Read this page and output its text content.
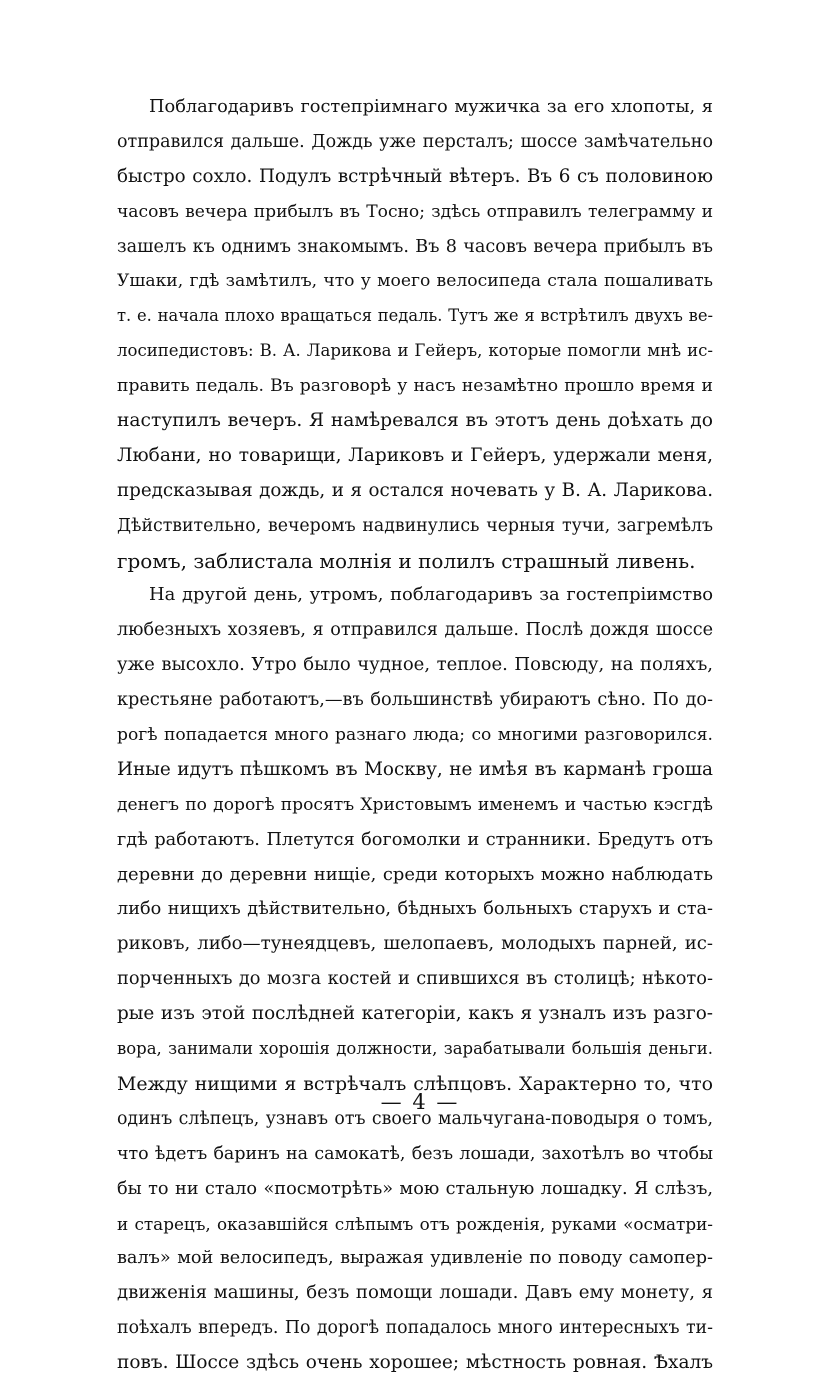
Поблагодаривъ гостепріимнаго мужичка за его хлопоты, я
отправился дальше. Дождь уже персталъ; шоссе замѣчательно
быстро сохло. Подулъ встрѣчный вѣтеръ. Въ 6 съ половиною
часовъ вечера прибылъ въ Тосно; здѣсь отправилъ телеграмму и
зашелъ къ однимъ знакомымъ. Въ 8 часовъ вечера прибылъ въ
Ушаки, гдѣ замѣтилъ, что у моего велосипеда стала пошаливать
т. е. начала плохо вращаться педаль. Тутъ же я встрѣтилъ двухъ ве-
лосипедистовъ: В. А. Ларикова и Гейеръ, которые помогли мнѣ ис-
править педаль. Въ разговорѣ у насъ незамѣтно прошло время и
наступилъ вечеръ. Я намѣревался въ этотъ день доѣхать до
Любани, но товарищи, Лариковъ и Гейеръ, удержали меня,
предсказывая дождь, и я остался ночевать у В. А. Ларикова.
Дѣйствительно, вечеромъ надвинулись черныя тучи, загремѣлъ
громъ, заблистала молнія и полилъ страшный ливень.
На другой день, утромъ, поблагодаривъ за гостепріимство
любезныхъ хозяевъ, я отправился дальше. Послѣ дождя шоссе
уже высохло. Утро было чудное, теплое. Повсюду, на поляхъ,
крестьяне работаютъ,—въ большинствѣ убираютъ сѣно. По до-
рогѣ попадается много разнаго люда; со многими разговорился.
Иные идутъ пѣшкомъ въ Москву, не имѣя въ карманѣ гроша
денегъ по дорогѣ просятъ Христовымъ именемъ и частью кэсгдѣ
гдѣ работаютъ. Плетутся богомолки и странники. Бредутъ отъ
деревни до деревни нищіе, среди которыхъ можно наблюдать
либо нищихъ дѣйствительно, бѣдныхъ больныхъ старухъ и ста-
риковъ, либо—тунеядцевъ, шелопаевъ, молодыхъ парней, ис-
порченныхъ до мозга костей и спившихся въ столицѣ; нѣкото-
рые изъ этой послѣдней категоріи, какъ я узналъ изъ разго-
вора, занимали хорошія должности, зарабатывали большія деньги.
Между нищими я встрѣчалъ слѣпцовъ. Характерно то, что
одинъ слѣпецъ, узнавъ отъ своего мальчугана-поводыря о томъ,
что ѣдетъ баринъ на самокатѣ, безъ лошади, захотѣлъ во чтобы
бы то ни стало «посмотрѣть» мою стальную лошадку. Я слѣзъ,
и старецъ, оказавшійся слѣпымъ отъ рожденія, руками «осматри-
валъ» мой велосипедъ, выражая удивленіе по поводу самопер-
движенія машины, безъ помощи лошади. Давъ ему монету, я
поѣхалъ впередъ. По дорогѣ попадалось много интересныхъ ти-
повъ. Шоссе здѣсь очень хорошее; мѣстность ровная. Ѣхалъ
— 4 —
